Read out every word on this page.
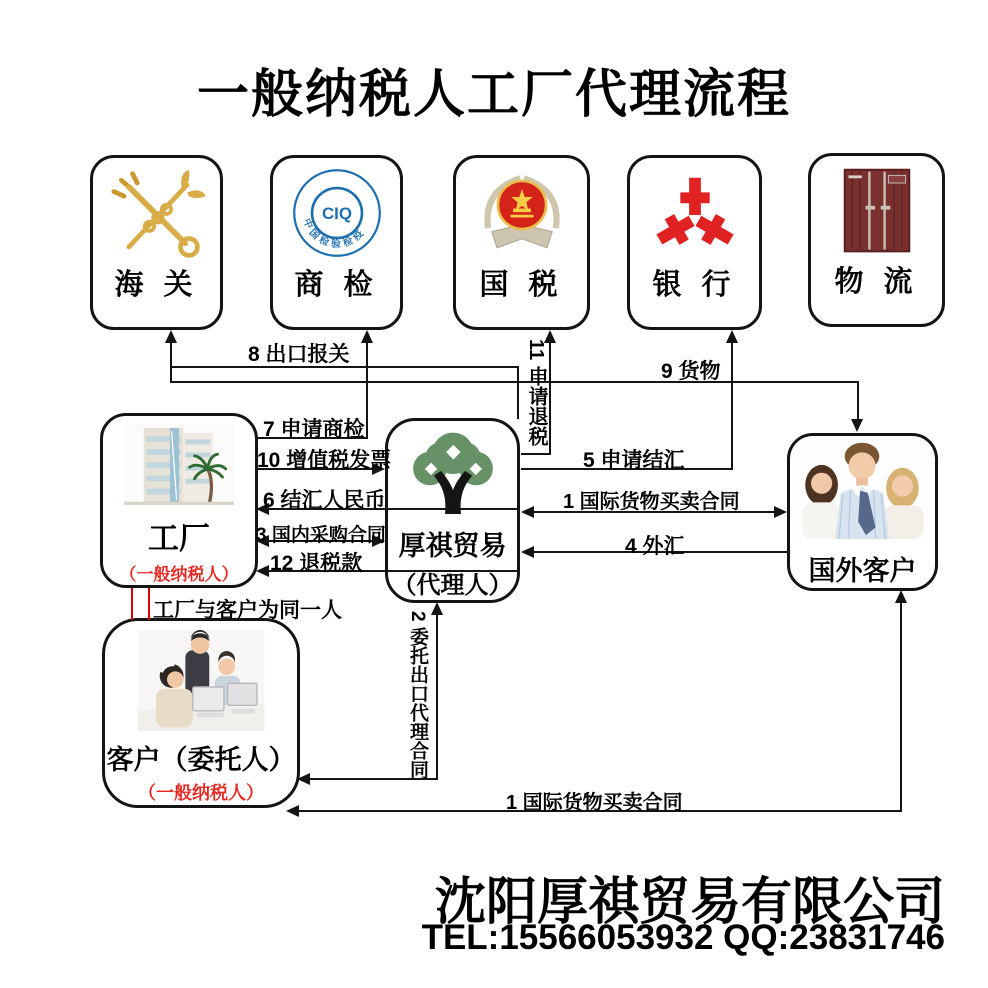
一般纳税人工厂代理流程
海 关
CIQ
中国检验检疫
商 检	国 税	银 行	物 流
工厂
（一般纳税人）
厚祺贸易
（代理人）	国外客户
客户（委托人）
（一般纳税人）
8 出口报关
9 货物
7 申请商检
10 增值税发票
6 结汇人民币
3 国内采购合同
12 退税款
5 申请结汇
1 国际货物买卖合同
4 外汇
1 国际货物买卖合同
11 申请退税
2 委托出口代理合同
工厂与客户为同一人
沈阳厚祺贸易有限公司
TEL:15566053932 QQ:23831746
